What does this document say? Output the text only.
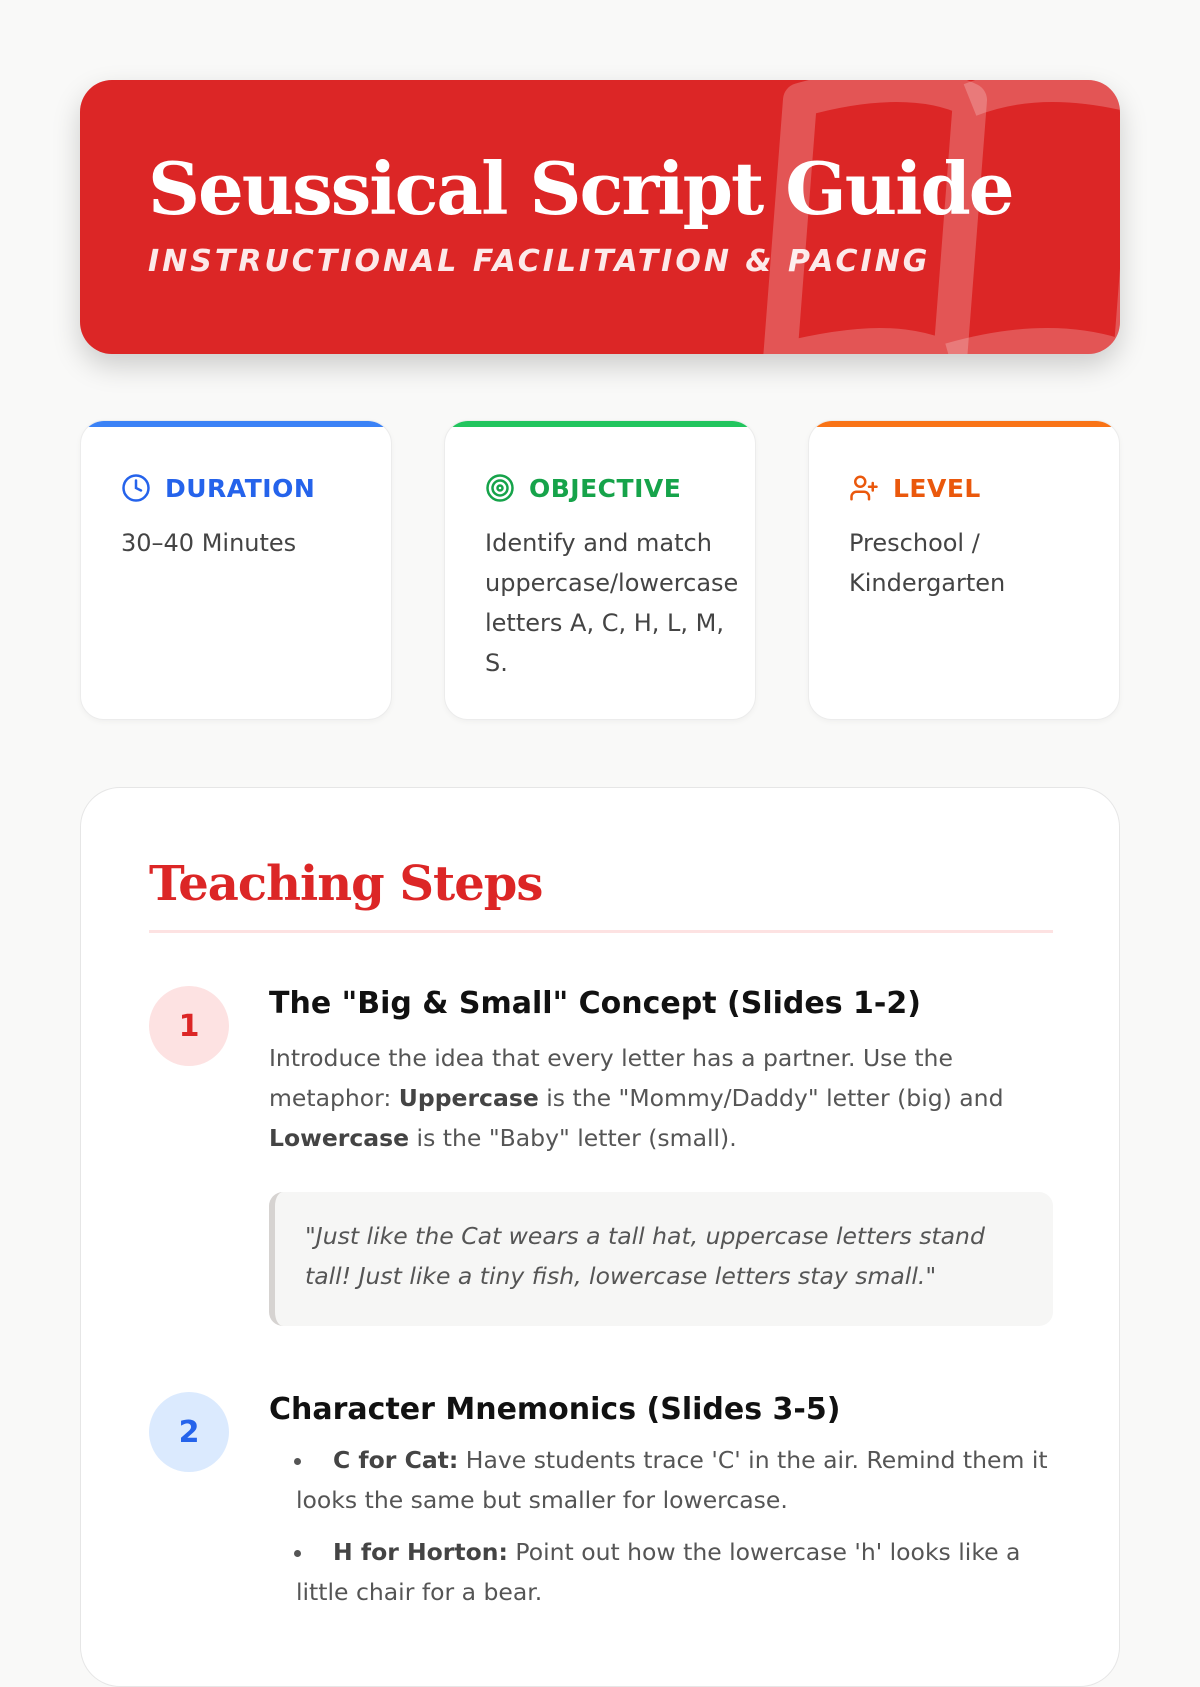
Seussical Script Guide
INSTRUCTIONAL FACILITATION & PACING
DURATION
30–40 Minutes
OBJECTIVE
Identify and match uppercase/lowercase letters A, C, H, L, M, S.
LEVEL
Preschool / Kindergarten
Teaching Steps
1
The "Big & Small" Concept (Slides 1-2)
Introduce the idea that every letter has a partner. Use the metaphor: Uppercase is the "Mommy/Daddy" letter (big) and Lowercase is the "Baby" letter (small).
"Just like the Cat wears a tall hat, uppercase letters stand tall! Just like a tiny fish, lowercase letters stay small."
2
Character Mnemonics (Slides 3-5)
C for Cat: Have students trace 'C' in the air. Remind them it looks the same but smaller for lowercase.
H for Horton: Point out how the lowercase 'h' looks like a little chair for a bear.
